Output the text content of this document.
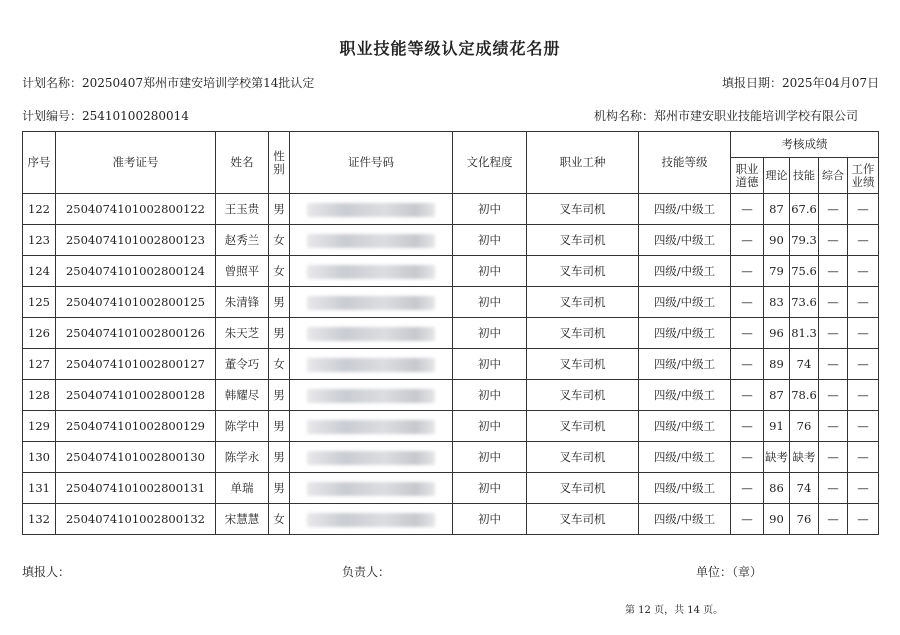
职业技能等级认定成绩花名册
计划名称：20250407郑州市建安培训学校第14批认定	填报日期：2025年04月07日
计划编号：25410100280014	机构名称：郑州市建安职业技能培训学校有限公司
序号	准考证号	姓名	性别	证件号码	文化程度	职业工种	技能等级	考核成绩				
								职业道德	理论	技能	综合	工作业绩
122	2504074101002800122	王玉贵	男		初中	叉车司机	四级/中级工	—	87	67.6	—	—
123	2504074101002800123	赵秀兰	女		初中	叉车司机	四级/中级工	—	90	79.3	—	—
124	2504074101002800124	曾照平	女		初中	叉车司机	四级/中级工	—	79	75.6	—	—
125	2504074101002800125	朱清锋	男		初中	叉车司机	四级/中级工	—	83	73.6	—	—
126	2504074101002800126	朱天芝	男		初中	叉车司机	四级/中级工	—	96	81.3	—	—
127	2504074101002800127	董令巧	女		初中	叉车司机	四级/中级工	—	89	74	—	—
128	2504074101002800128	韩耀尽	男		初中	叉车司机	四级/中级工	—	87	78.6	—	—
129	2504074101002800129	陈学中	男		初中	叉车司机	四级/中级工	—	91	76	—	—
130	2504074101002800130	陈学永	男		初中	叉车司机	四级/中级工	—	缺考	缺考	—	—
131	2504074101002800131	单瑞	男		初中	叉车司机	四级/中级工	—	86	74	—	—
132	2504074101002800132	宋慧慧	女		初中	叉车司机	四级/中级工	—	90	76	—	—
填报人：	负责人：	单位：（章）
第 12 页，共 14 页。
